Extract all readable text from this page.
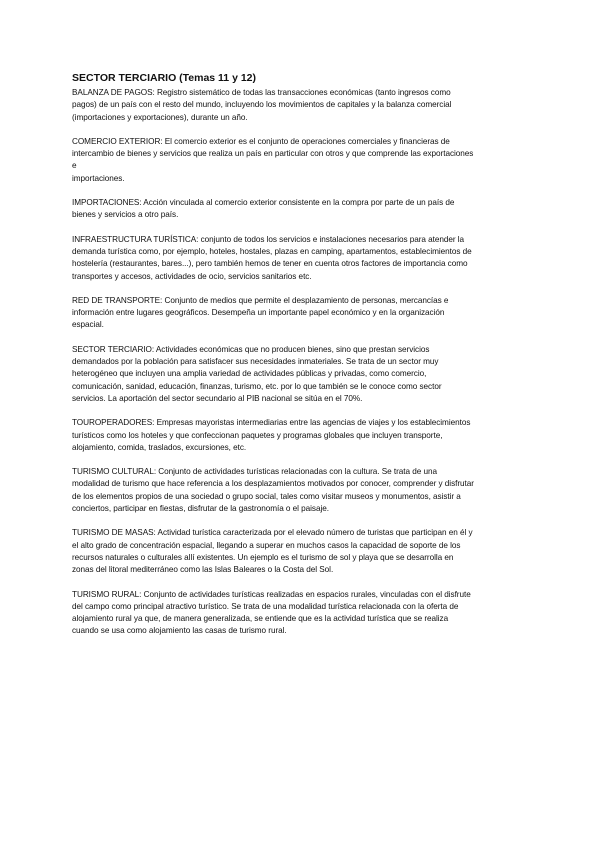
SECTOR TERCIARIO (Temas 11 y 12)

BALANZA DE PAGOS: Registro sistemático de todas las transacciones económicas (tanto ingresos como
pagos) de un país con el resto del mundo, incluyendo los movimientos de capitales y la balanza comercial
(importaciones y exportaciones), durante un año.

COMERCIO EXTERIOR: El comercio exterior es el conjunto de operaciones comerciales y financieras de
intercambio de bienes y servicios que realiza un país en particular con otros y que comprende las exportaciones
e
importaciones.

IMPORTACIONES: Acción vinculada al comercio exterior consistente en la compra por parte de un país de
bienes y servicios a otro país.

INFRAESTRUCTURA TURÍSTICA: conjunto de todos los servicios e instalaciones necesarios para atender la
demanda turística como, por ejemplo, hoteles, hostales, plazas en camping, apartamentos, establecimientos de
hostelería (restaurantes, bares...), pero también hemos de tener en cuenta otros factores de importancia como
transportes y accesos, actividades de ocio, servicios sanitarios etc.

RED DE TRANSPORTE: Conjunto de medios que permite el desplazamiento de personas, mercancías e
información entre lugares geográficos. Desempeña un importante papel económico y en la organización
espacial.

SECTOR TERCIARIO: Actividades económicas que no producen bienes, sino que prestan servicios
demandados por la población para satisfacer sus necesidades inmateriales. Se trata de un sector muy
heterogéneo que incluyen una amplia variedad de actividades públicas y privadas, como comercio,
comunicación, sanidad, educación, finanzas, turismo, etc. por lo que también se le conoce como sector
servicios. La aportación del sector secundario al PIB nacional se sitúa en el 70%.

TOUROPERADORES: Empresas mayoristas intermediarias entre las agencias de viajes y los establecimientos
turísticos como los hoteles y que confeccionan paquetes y programas globales que incluyen transporte,
alojamiento, comida, traslados, excursiones, etc.

TURISMO CULTURAL: Conjunto de actividades turísticas relacionadas con la cultura. Se trata de una
modalidad de turismo que hace referencia a los desplazamientos motivados por conocer, comprender y disfrutar
de los elementos propios de una sociedad o grupo social, tales como visitar museos y monumentos, asistir a
conciertos, participar en fiestas, disfrutar de la gastronomía o el paisaje.

TURISMO DE MASAS: Actividad turística caracterizada por el elevado número de turistas que participan en él y
el alto grado de concentración espacial, llegando a superar en muchos casos la capacidad de soporte de los
recursos naturales o culturales allí existentes. Un ejemplo es el turismo de sol y playa que se desarrolla en
zonas del litoral mediterráneo como las Islas Baleares o la Costa del Sol.

TURISMO RURAL: Conjunto de actividades turísticas realizadas en espacios rurales, vinculadas con el disfrute
del campo como principal atractivo turístico. Se trata de una modalidad turística relacionada con la oferta de
alojamiento rural ya que, de manera generalizada, se entiende que es la actividad turística que se realiza
cuando se usa como alojamiento las casas de turismo rural.
